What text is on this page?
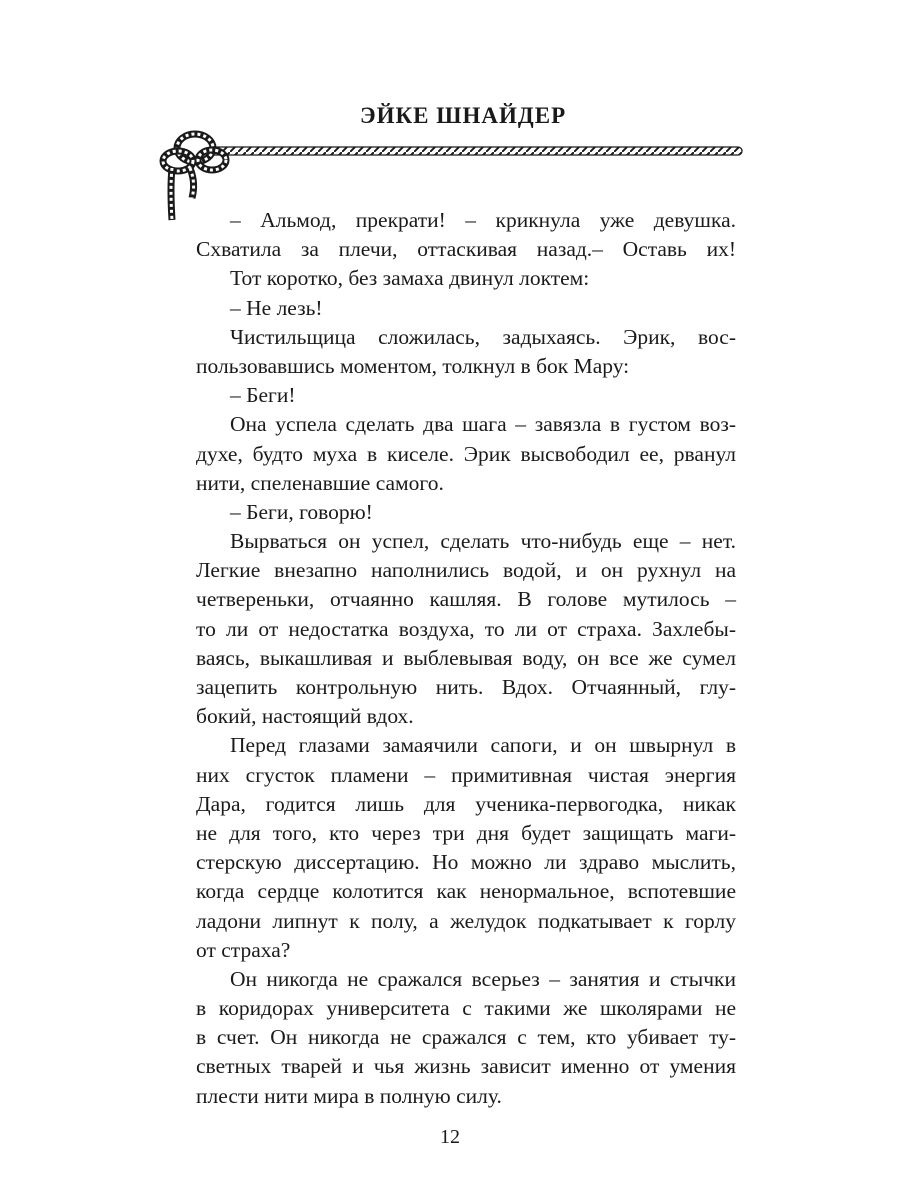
ЭЙКЕ ШНАЙДЕР
– Альмод, прекрати! – крикнула уже девушка.
Схватила за плечи, оттаскивая назад.– Оставь их!
Тот коротко, без замаха двинул локтем:
– Не лезь!
Чистильщица сложилась, задыхаясь. Эрик, вос-
пользовавшись моментом, толкнул в бок Мару:
– Беги!
Она успела сделать два шага – завязла в густом воз-
духе, будто муха в киселе. Эрик высвободил ее, рванул
нити, спеленавшие самого.
– Беги, говорю!
Вырваться он успел, сделать что-нибудь еще – нет.
Легкие внезапно наполнились водой, и он рухнул на
четвереньки, отчаянно кашляя. В голове мутилось –
то ли от недостатка воздуха, то ли от страха. Захлебы-
ваясь, выкашливая и выблевывая воду, он все же сумел
зацепить контрольную нить. Вдох. Отчаянный, глу-
бокий, настоящий вдох.
Перед глазами замаячили сапоги, и он швырнул в
них сгусток пламени – примитивная чистая энергия
Дара, годится лишь для ученика-первогодка, никак
не для того, кто через три дня будет защищать маги-
стерскую диссертацию. Но можно ли здраво мыслить,
когда сердце колотится как ненормальное, вспотевшие
ладони липнут к полу, а желудок подкатывает к горлу
от страха?
Он никогда не сражался всерьез – занятия и стычки
в коридорах университета с такими же школярами не
в счет. Он никогда не сражался с тем, кто убивает ту-
светных тварей и чья жизнь зависит именно от умения
плести нити мира в полную силу.
12
